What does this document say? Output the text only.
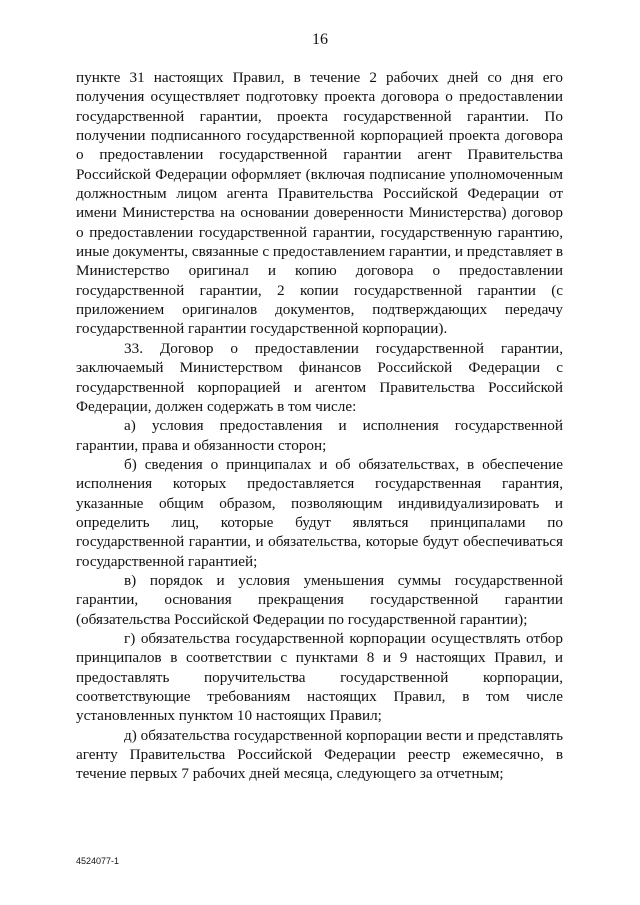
16

пункте 31 настоящих Правил, в течение 2 рабочих дней со дня его получения осуществляет подготовку проекта договора о предоставлении государственной гарантии, проекта государственной гарантии. По получении подписанного государственной корпорацией проекта договора о предоставлении государственной гарантии агент Правительства Российской Федерации оформляет (включая подписание уполномоченным должностным лицом агента Правительства Российской Федерации от имени Министерства на основании доверенности Министерства) договор о предоставлении государственной гарантии, государственную гарантию, иные документы, связанные с предоставлением гарантии, и представляет в Министерство оригинал и копию договора о предоставлении государственной гарантии, 2 копии государственной гарантии (с приложением оригиналов документов, подтверждающих передачу государственной гарантии государственной корпорации).

33. Договор о предоставлении государственной гарантии, заключаемый Министерством финансов Российской Федерации с государственной корпорацией и агентом Правительства Российской Федерации, должен содержать в том числе:

а) условия предоставления и исполнения государственной гарантии, права и обязанности сторон;

б) сведения о принципалах и об обязательствах, в обеспечение исполнения которых предоставляется государственная гарантия, указанные общим образом, позволяющим индивидуализировать и определить лиц, которые будут являться принципалами по государственной гарантии, и обязательства, которые будут обеспечиваться государственной гарантией;

в) порядок и условия уменьшения суммы государственной гарантии, основания прекращения государственной гарантии (обязательства Российской Федерации по государственной гарантии);

г) обязательства государственной корпорации осуществлять отбор принципалов в соответствии с пунктами 8 и 9 настоящих Правил, и предоставлять поручительства государственной корпорации, соответствующие требованиям настоящих Правил, в том числе установленных пунктом 10 настоящих Правил;

д) обязательства государственной корпорации вести и представлять агенту Правительства Российской Федерации реестр ежемесячно, в течение первых 7 рабочих дней месяца, следующего за отчетным;

4524077-1
